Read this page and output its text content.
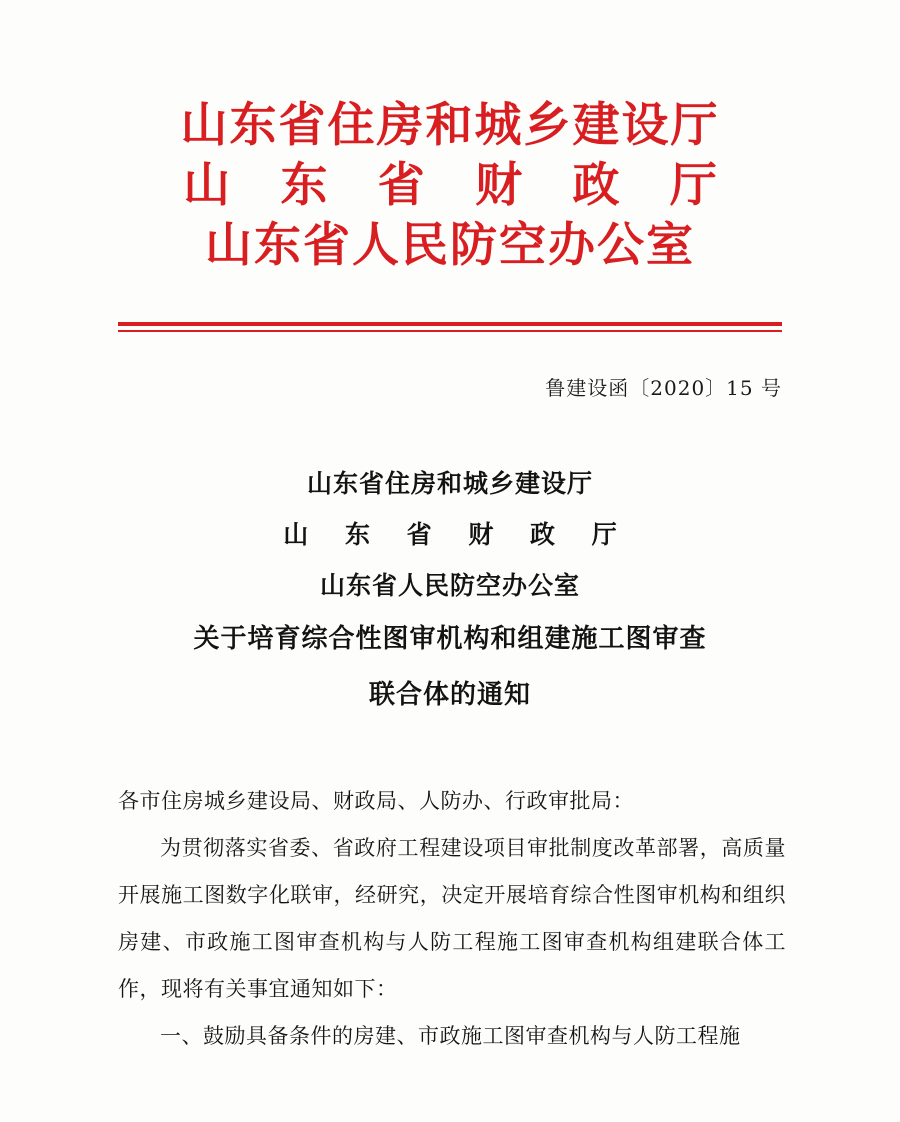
山东省住房和城乡建设厅
山 东 省 财 政 厅
山东省人民防空办公室
鲁建设函〔2020〕15 号
山东省住房和城乡建设厅
山 东 省 财 政 厅
山东省人民防空办公室
关于培育综合性图审机构和组建施工图审查
联合体的通知

各市住房城乡建设局、财政局、人防办、行政审批局：

为贯彻落实省委、省政府工程建设项目审批制度改革部署，高质量开展施工图数字化联审，经研究，决定开展培育综合性图审机构和组织房建、市政施工图审查机构与人防工程施工图审查机构组建联合体工作，现将有关事宜通知如下：

一、鼓励具备条件的房建、市政施工图审查机构与人防工程施
